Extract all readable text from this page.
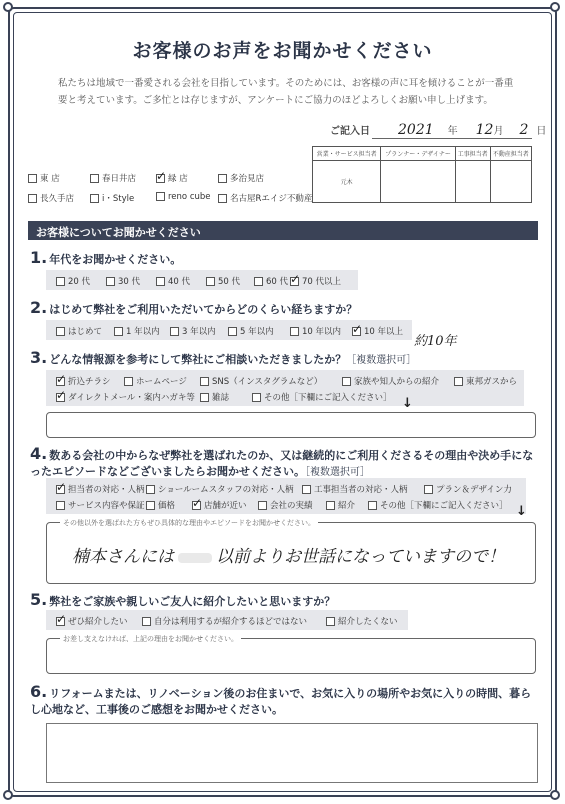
お客様のお声をお聞かせください
私たちは地域で一番愛される会社を目指しています。そのためには、お客様の声に耳を傾けることが一番重要と考えています。ご多忙とは存じますが、アンケートにご協力のほどよろしくお願い申し上げます。
ご記入日 2021 年 12 月 2 日
営業・サービス担当者	プランナー・デザイナー	工事担当者	不動産担当者
元木			
東 店	春日井店 ✓	緑 店	多治見店
長久手店	i・Style	reno cube	名古屋Rエイジ不動産
お客様についてお聞かせください
1. 年代をお聞かせください。
20 代	30 代	40 代	50 代	60 代 ✓	70 代以上
2. はじめて弊社をご利用いただいてからどのくらい経ちますか？
はじめて	1 年以内	3 年以内	5 年以内	10 年以内 ✓	10 年以上
約10年
3. どんな情報源を参考にして弊社にご相談いただきましたか？［複数選択可］
✓折込チラシ	ホームページ	SNS（インスタグラムなど）	家族や知人からの紹介	東邦ガスから
✓ダイレクトメール・案内ハガキ等	雑誌	その他［下欄にご記入ください］ ↓
4. 数ある会社の中からなぜ弊社を選ばれたのか、又は継続的にご利用くださるその理由や決め手になったエピソードなどございましたらお聞かせください。［複数選択可］
✓担当者の対応・人柄	ショールームスタッフの対応・人柄	工事担当者の対応・人柄	プラン＆デザイン力
サービス内容や保証	価格 ✓	店舗が近い	会社の実績	紹介	その他［下欄にご記入ください］ ↓
その他以外を選ばれた方もぜひ具体的な理由やエピソードをお聞かせください。
楠本さんには 以前よりお世話になっていますので！
5. 弊社をご家族や親しいご友人に紹介したいと思いますか？
✓ぜひ紹介したい	自分は利用するが紹介するほどではない	紹介したくない
お差し支えなければ、上記の理由をお聞かせください。
6. リフォームまたは、リノベーション後のお住まいで、お気に入りの場所やお気に入りの時間、暮らし心地など、工事後のご感想をお聞かせください。
